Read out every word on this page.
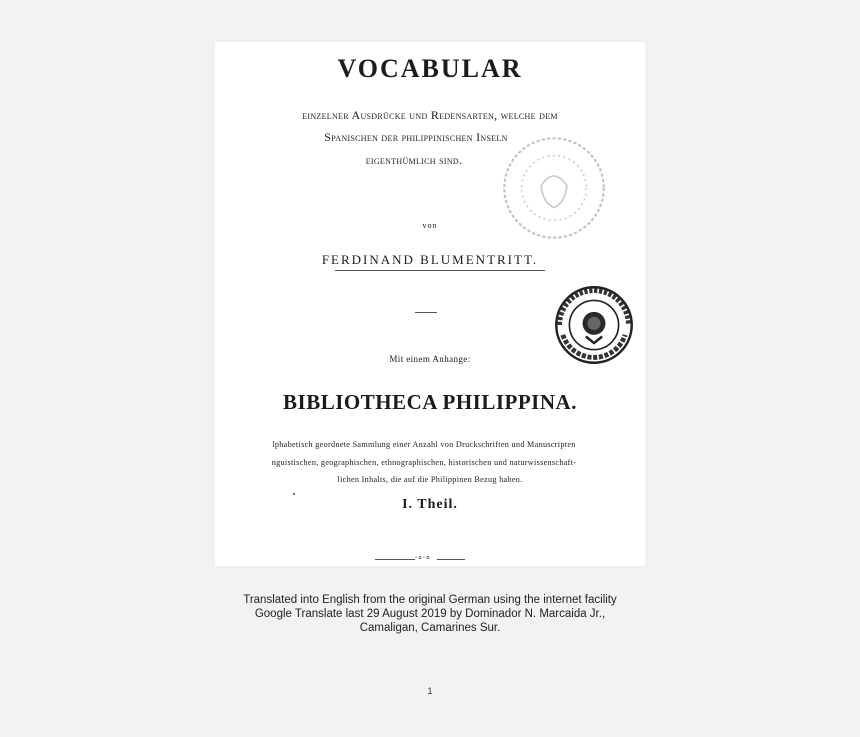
VOCABULAR
einzelner Ausdrücke und Redensarten, welche dem
Spanischen der philippinischen Inseln
eigenthümlich sind.
von
FERDINAND BLUMENTRITT.
Mit einem Anhange:
BIBLIOTHECA PHILIPPINA.
lphabetisch geordnete Sammlung einer Anzahl von Druckschriften und Manuscripten
nguistischen, geographischen, ethnographischen, historischen und naturwissenschaft-
lichen Inhalts, die auf die Philippinen Bezug haben.
I. Theil.
∙∘∙∘

Translated into English from the original German using the internet facility

Google Translate last 29 August 2019 by Dominador N. Marcaida Jr.,

Camaligan, Camarines Sur.

1
